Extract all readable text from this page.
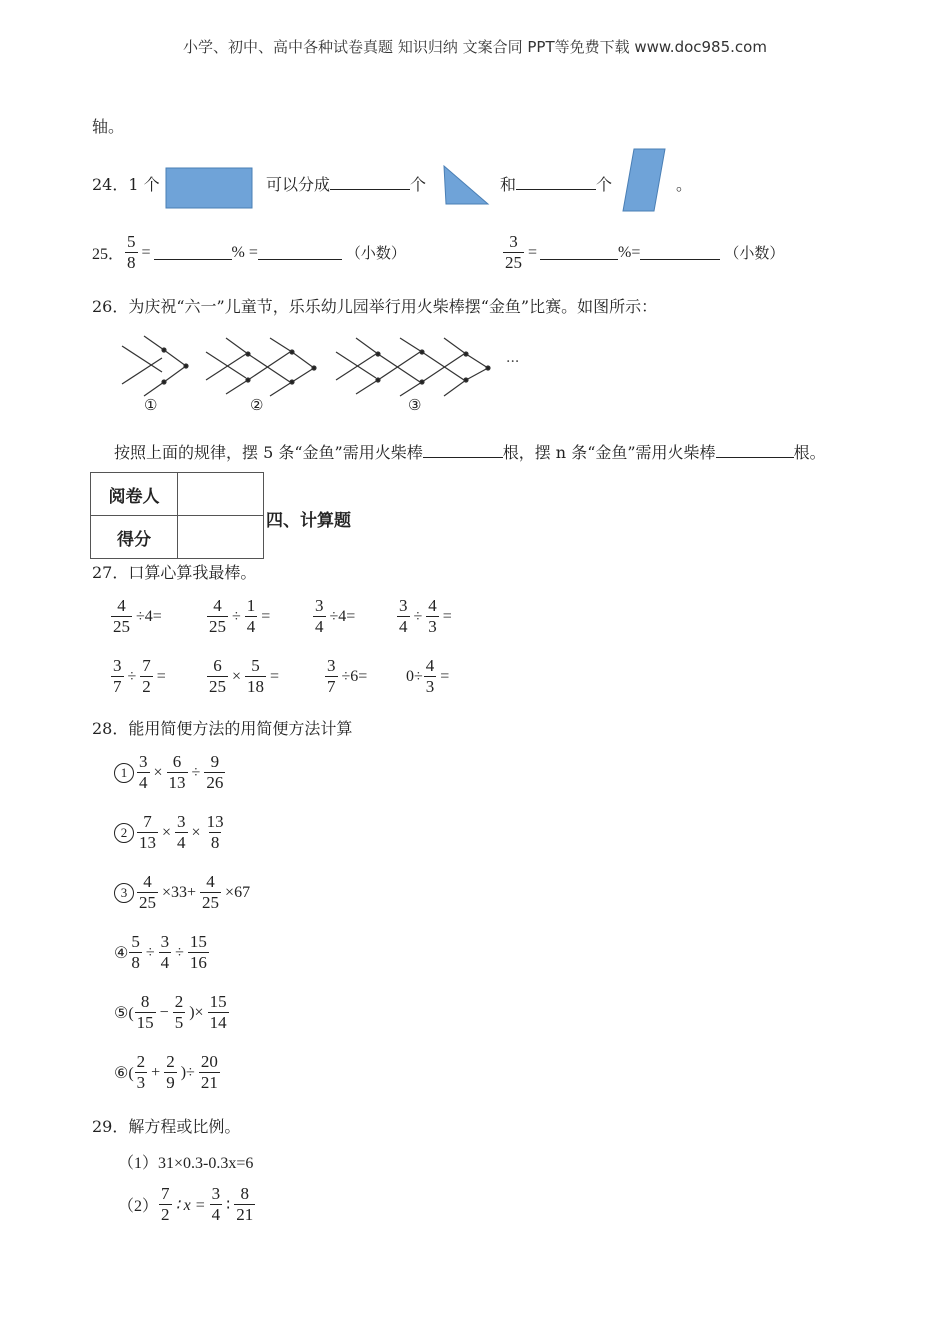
小学、初中、高中各种试卷真题 知识归纳 文案合同 PPT等免费下载 www.doc985.com
轴。
24．1 个	可以分成	个	和	个	。
25． $\frac{5}{8}$ =	% =	（小数）	$\frac{3}{25}$ =	%=	（小数）
26．为庆祝“六一”儿童节，乐乐幼儿园举行用火柴棒摆“金鱼”比赛。如图所示：
···
①	②	③
按照上面的规律，摆 5 条“金鱼”需用火柴棒	根，摆 n 条“金鱼”需用火柴棒	根。
阅卷人	
得分	
四、计算题
27．口算心算我最棒。
$\frac{4}{25} \div 4=$	$\frac{4}{25} \div \frac{1}{4}$ =	$\frac{3}{4} \div 4= \frac{3}{4} \div \frac{4}{3}$ =
$\frac{3}{7} \div \frac{7}{2} = \frac{6}{25} \times \frac{5}{18}$ =	$\frac{3}{7} \div 6= 0\div \frac{4}{3}$ =
28．能用简便方法的用简便方法计算
$1 \frac{3}{4} \times \frac{6}{13} \div \frac{9}{26}$
$2 \frac{7}{13} \times \frac{3}{4} \times \frac{13}{8}$
$3 \frac{4}{25} \times 33+ \frac{4}{25} \times 67$
④ $\frac{5}{8} \div \frac{3}{4} \div \frac{15}{16}$
⑤( $\frac{8}{15} - \frac{2}{5}$ )× $\frac{15}{14}$
⑥( $\frac{2}{3} + \frac{2}{9}$ )÷ $\frac{20}{21}$
29．解方程或比例。
（1）31×0.3-0.3x=6
$(2) \frac{7}{2}$ ∶ $x = \frac{3}{4}$ ∶ $\frac{8}{21}$
